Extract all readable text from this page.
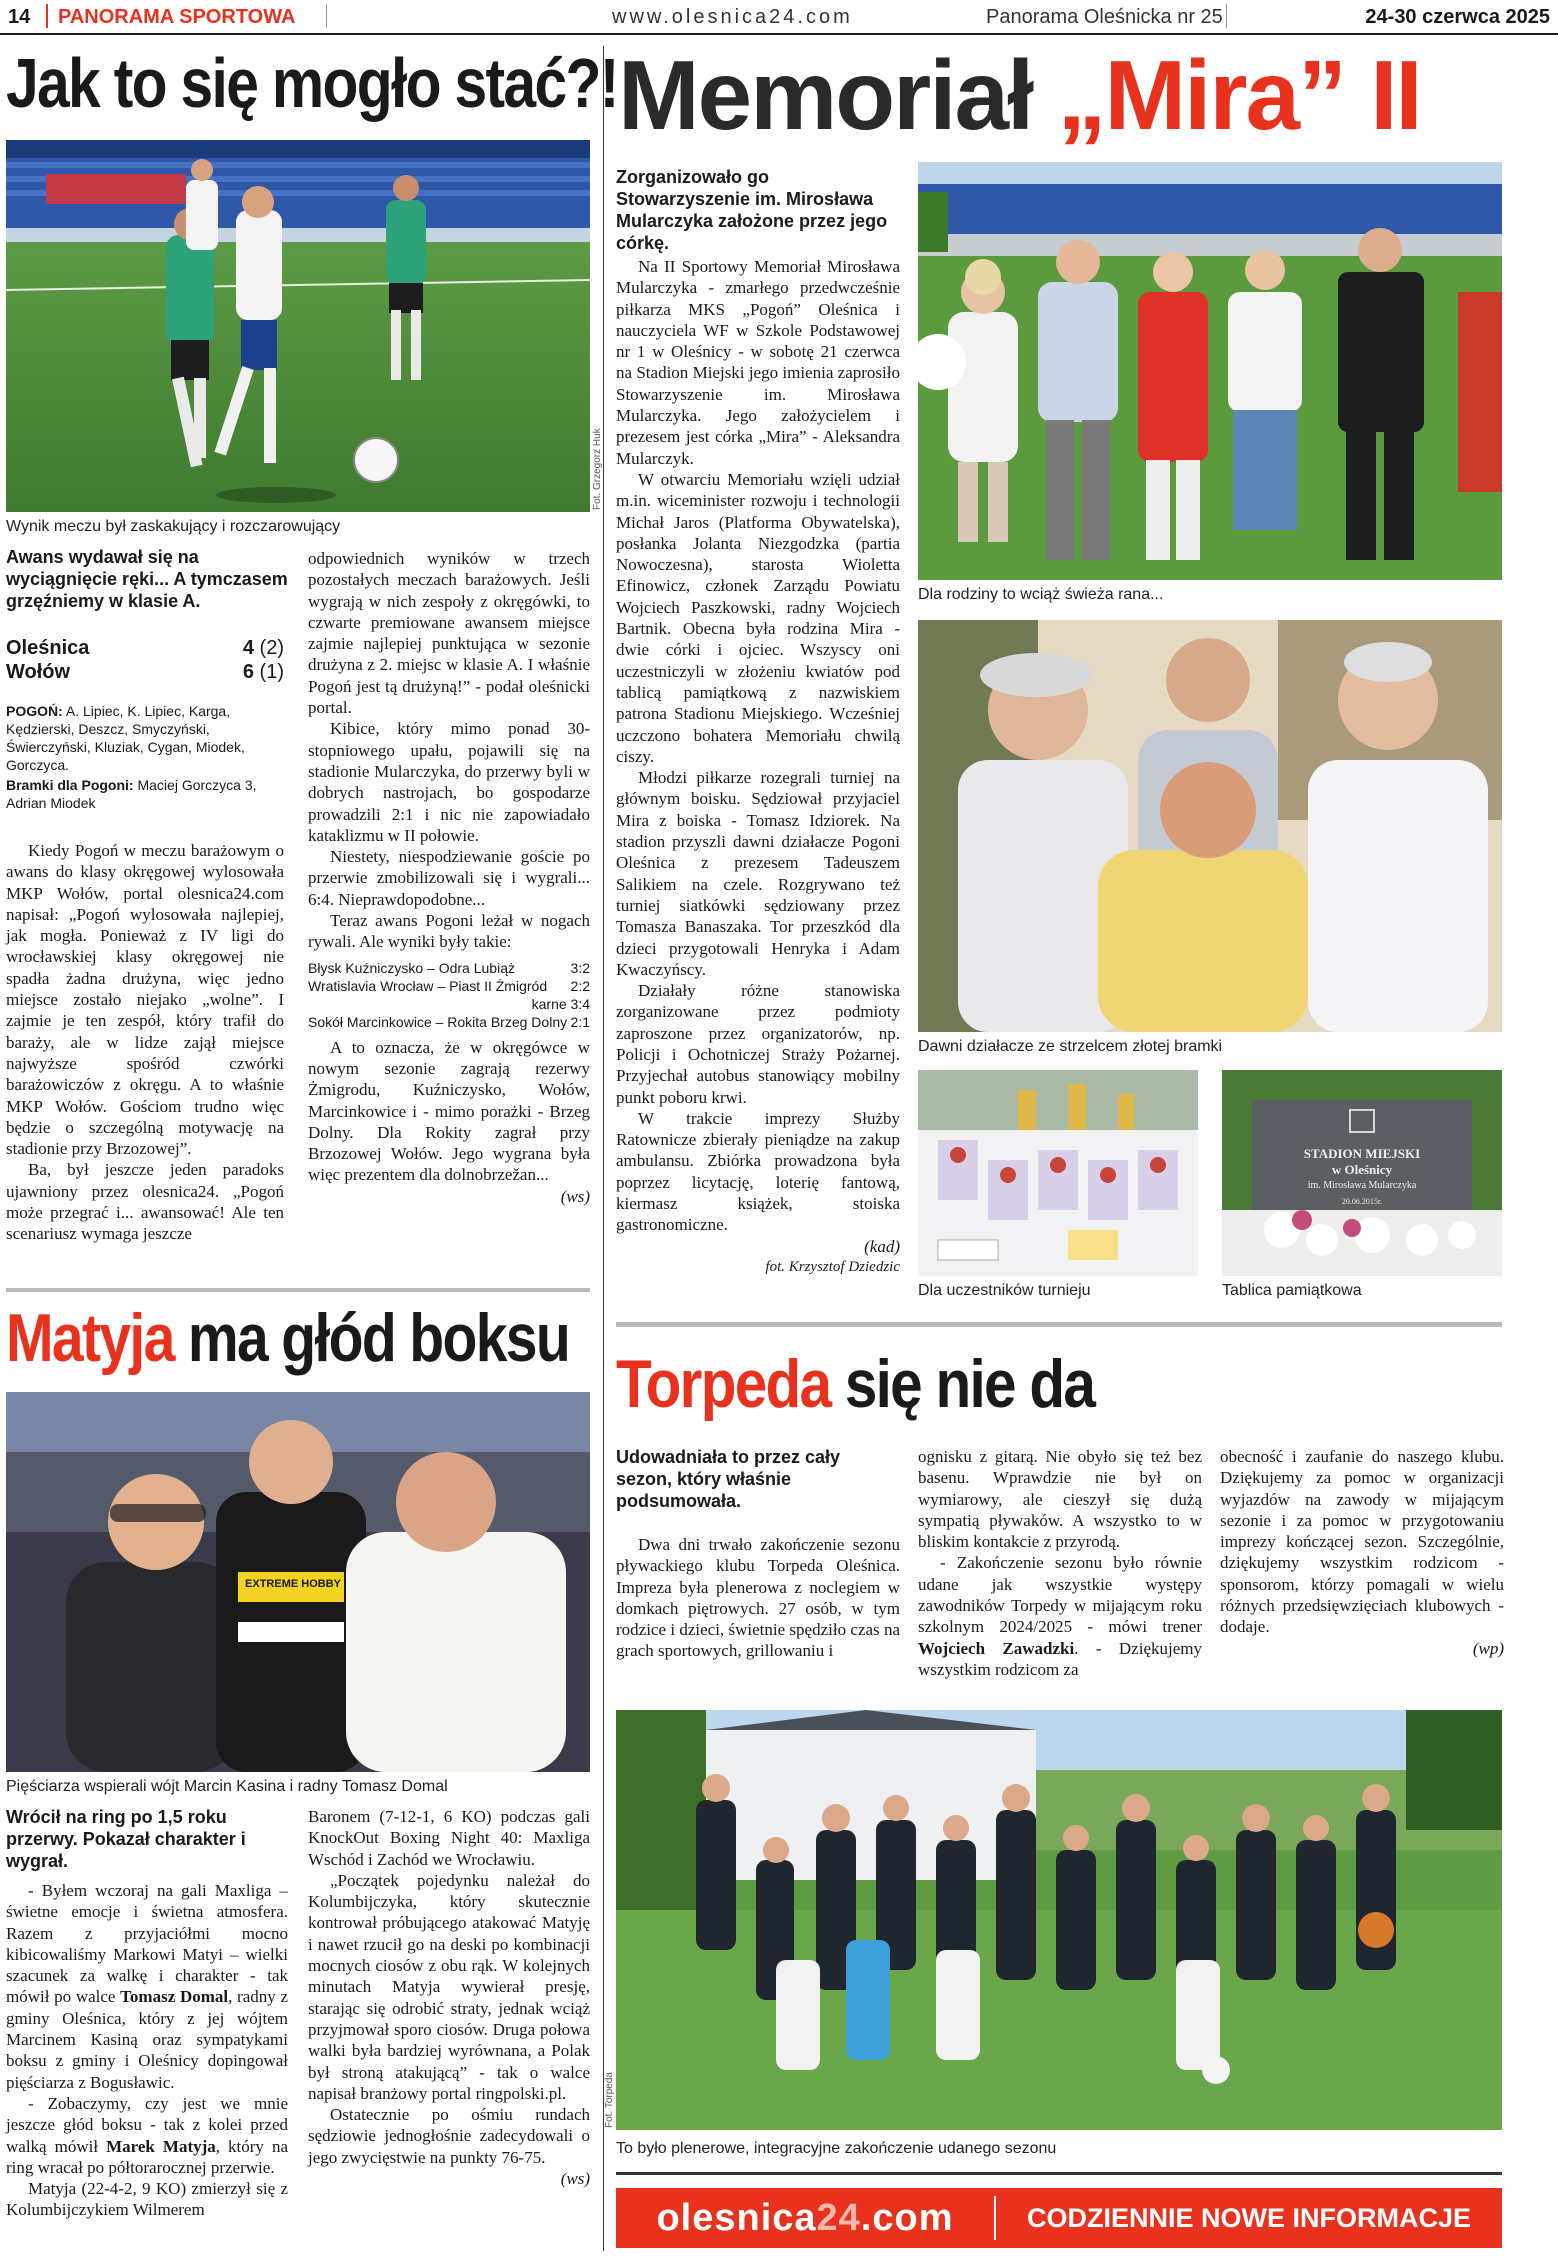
14 PANORAMA SPORTOWA	www.olesnica24.com	Panorama Oleśnicka nr 25	24-30 czerwca 2025
Jak to się mogło stać?!
Fot. Grzegorz Huk
Wynik meczu był zaskakujący i rozczarowujący
Awans wydawał się na wyciągnięcie ręki... A tymczasem grzęźniemy w klasie A.
Oleśnica	4 (2)
Wołów	6 (1)
POGOŃ: A. Lipiec, K. Lipiec, Karga, Kędzierski, Deszcz, Smyczyński, Świerczyński, Kluziak, Cygan, Miodek, Gorczyca.
Bramki dla Pogoni: Maciej Gorczyca 3, Adrian Miodek

Kiedy Pogoń w meczu barażowym o awans do klasy okręgowej wylosowała MKP Wołów, portal olesnica24.com napisał: „Pogoń wylosowała najlepiej, jak mogła. Ponieważ z IV ligi do wrocławskiej klasy okręgowej nie spadła żadna drużyna, więc jedno miejsce zostało niejako „wolne”. I zajmie je ten zespół, który trafił do baraży, ale w lidze zajął miejsce najwyższe spośród czwórki barażowiczów z okręgu. A to właśnie MKP Wołów. Gościom trudno więc będzie o szczególną motywację na stadionie przy Brzozowej”.

Ba, był jeszcze jeden paradoks ujawniony przez olesnica24. „Pogoń może przegrać i... awansować! Ale ten scenariusz wymaga jeszcze

odpowiednich wyników w trzech pozostałych meczach barażowych. Jeśli wygrają w nich zespoły z okręgówki, to czwarte premiowane awansem miejsce zajmie najlepiej punktująca w sezonie drużyna z 2. miejsc w klasie A. I właśnie Pogoń jest tą drużyną!” - podał oleśnicki portal.

Kibice, który mimo ponad 30-stopniowego upału, pojawili się na stadionie Mularczyka, do przerwy byli w dobrych nastrojach, bo gospodarze prowadzili 2:1 i nic nie zapowiadało kataklizmu w II połowie.

Niestety, niespodziewanie goście po przerwie zmobilizowali się i wygrali... 6:4. Nieprawdopodobne...

Teraz awans Pogoni leżał w nogach rywali. Ale wyniki były takie:

Błysk Kuźniczysko – Odra Lubiąż	3:2
Wratislavia Wrocław – Piast II Żmigród 2:2
karne 3:4
Sokół Marcinkowice – Rokita Brzeg Dolny 2:1

A to oznacza, że w okręgówce w nowym sezonie zagrają rezerwy Żmigrodu, Kuźniczysko, Wołów, Marcinkowice i - mimo porażki - Brzeg Dolny. Dla Rokity zagrał przy Brzozowej Wołów. Jego wygrana była więc prezentem dla dolnobrzežan...

(ws)
Memoriał „Mira” II
Zorganizowało go Stowarzyszenie im. Mirosława Mularczyka założone przez jego córkę.

Na II Sportowy Memoriał Mirosława Mularczyka - zmarłego przedwcześnie piłkarza MKS „Pogoń” Oleśnica i nauczyciela WF w Szkole Podstawowej nr 1 w Oleśnicy - w sobotę 21 czerwca na Stadion Miejski jego imienia zaprosiło Stowarzyszenie im. Mirosława Mularczyka. Jego założycielem i prezesem jest córka „Mira” - Aleksandra Mularczyk.

W otwarciu Memoriału wzięli udział m.in. wiceminister rozwoju i technologii Michał Jaros (Platforma Obywatelska), posłanka Jolanta Niezgodzka (partia Nowoczesna), starosta Wioletta Efinowicz, członek Zarządu Powiatu Wojciech Paszkowski, radny Wojciech Bartnik. Obecna była rodzina Mira - dwie córki i ojciec. Wszyscy oni uczestniczyli w złożeniu kwiatów pod tablicą pamiątkową z nazwiskiem patrona Stadionu Miejskiego. Wcześniej uczczono bohatera Memoriału chwilą ciszy.

Młodzi piłkarze rozegrali turniej na głównym boisku. Sędziował przyjaciel Mira z boiska - Tomasz Idziorek. Na stadion przyszli dawni działacze Pogoni Oleśnica z prezesem Tadeuszem Salikiem na czele. Rozgrywano też turniej siatkówki sędziowany przez Tomasza Banaszaka. Tor przeszkód dla dzieci przygotowali Henryka i Adam Kwaczyńscy.

Działały różne stanowiska zorganizowane przez podmioty zaproszone przez organizatorów, np. Policji i Ochotniczej Straży Pożarnej. Przyjechał autobus stanowiący mobilny punkt poboru krwi.

W trakcie imprezy Służby Ratownicze zbierały pieniądze na zakup ambulansu. Zbiórka prowadzona była poprzez licytację, loterię fantową, kiermasz książek, stoiska gastronomiczne.

(kad)
fot. Krzysztof Dziedzic
Dla rodziny to wciąż świeża rana...
Dawni działacze ze strzelcem złotej bramki
Dla uczestników turnieju
STADION MIEJSKI
w Oleśnicy
im. Mirosława Mularczyka
20.06.2015r.
Tablica pamiątkowa
Matyja ma głód boksu
EXTREME HOBBY
Pięściarza wspierali wójt Marcin Kasina i radny Tomasz Domal
Wrócił na ring po 1,5 roku przerwy. Pokazał charakter i wygrał.

- Byłem wczoraj na gali Maxliga – świetne emocje i świetna atmosfera. Razem z przyjaciółmi mocno kibicowaliśmy Markowi Matyi – wielki szacunek za walkę i charakter - tak mówił po walce Tomasz Domal, radny z gminy Oleśnica, który z jej wójtem Marcinem Kasiną oraz sympatykami boksu z gminy i Oleśnicy dopingował pięściarza z Bogusławic.

- Zobaczymy, czy jest we mnie jeszcze głód boksu - tak z kolei przed walką mówił Marek Matyja, który na ring wracał po półtorarocznej przerwie.

Matyja (22-4-2, 9 KO) zmierzył się z Kolumbijczykiem Wilmerem

Baronem (7-12-1, 6 KO) podczas gali KnockOut Boxing Night 40: Maxliga Wschód i Zachód we Wrocławiu.

„Początek pojedynku należał do Kolumbijczyka, który skutecznie kontrował próbującego atakować Matyję i nawet rzucił go na deski po kombinacji mocnych ciosów z obu rąk. W kolejnych minutach Matyja wywierał presję, starając się odrobić straty, jednak wciąż przyjmował sporo ciosów. Druga połowa walki była bardziej wyrównana, a Polak był stroną atakującą” - tak o walce napisał branżowy portal ringpolski.pl.

Ostatecznie po ośmiu rundach sędziowie jednogłośnie zadecydowali o jego zwycięstwie na punkty 76-75.

(ws)
Torpeda się nie da
Udowadniała to przez cały sezon, który właśnie podsumowała.

Dwa dni trwało zakończenie sezonu pływackiego klubu Torpeda Oleśnica. Impreza była plenerowa z noclegiem w domkach piętrowych. 27 osób, w tym rodzice i dzieci, świetnie spędziło czas na grach sportowych, grillowaniu i

ognisku z gitarą. Nie obyło się też bez basenu. Wprawdzie nie był on wymiarowy, ale cieszył się dużą sympatią pływaków. A wszystko to w bliskim kontakcie z przyrodą.

- Zakończenie sezonu było równie udane jak wszystkie występy zawodników Torpedy w mijającym roku szkolnym 2024/2025 - mówi trener Wojciech Zawadzki. - Dziękujemy wszystkim rodzicom za

obecność i zaufanie do naszego klubu. Dziękujemy za pomoc w organizacji wyjazdów na zawody w mijającym sezonie i za pomoc w przygotowaniu imprezy kończącej sezon. Szczególnie, dziękujemy wszystkim rodzicom - sponsorom, którzy pomagali w wielu różnych przedsięwzięciach klubowych - dodaje.

(wp)
Fot. Torpeda
To było plenerowe, integracyjne zakończenie udanego sezonu
olesnica24.com	CODZIENNIE NOWE INFORMACJE
